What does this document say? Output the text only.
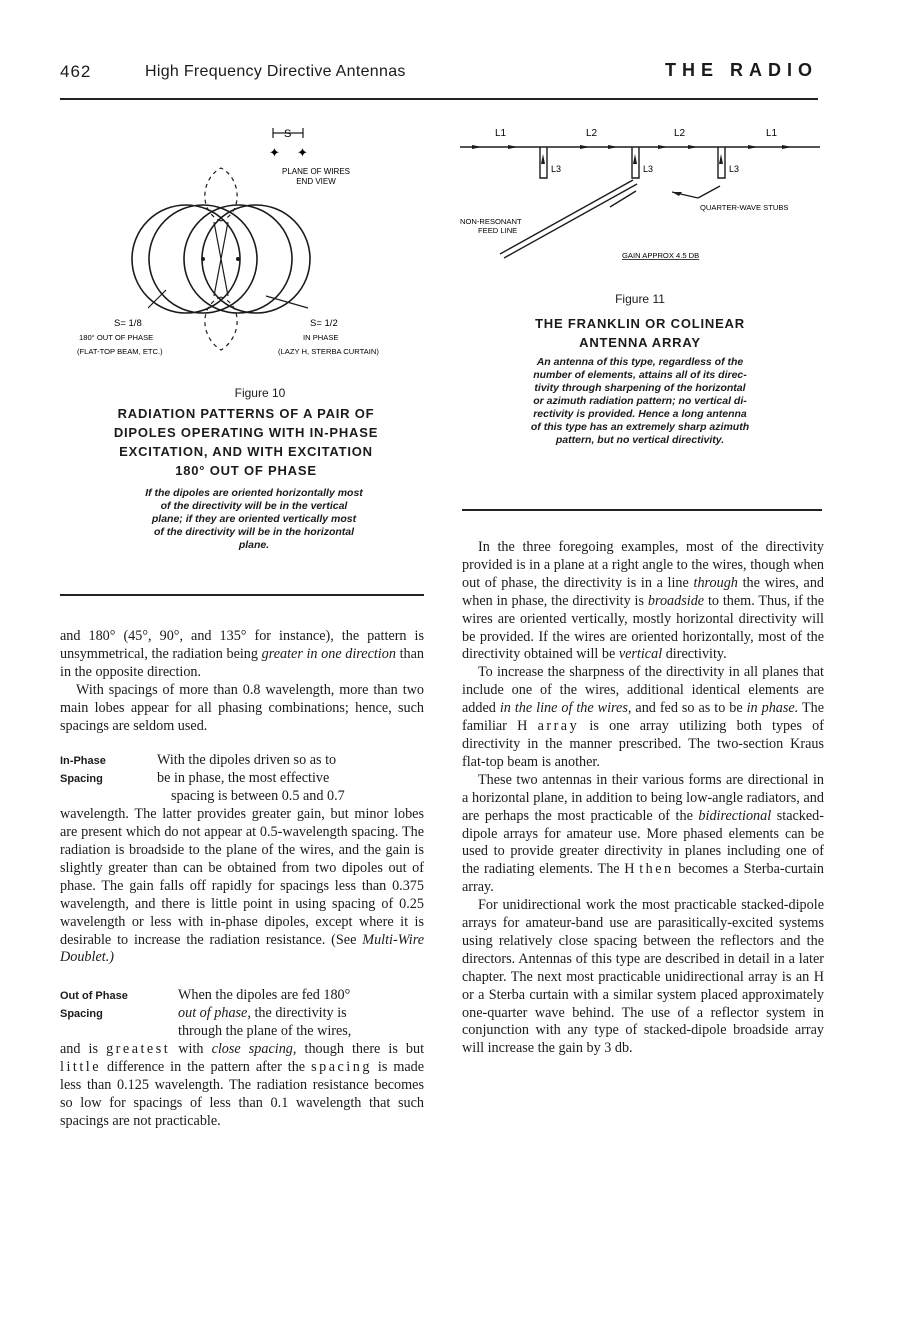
462	High Frequency Directive Antennas	THE RADIO
S
✦ ✦
PLANE OF WIRES
END VIEW
S= 1/8	S= 1/2
180° OUT OF PHASE
(FLAT-TOP BEAM, ETC.)
IN PHASE
(LAZY H, STERBA CURTAIN)
Figure 10
RADIATION PATTERNS OF A PAIR OF
DIPOLES OPERATING WITH IN-PHASE
EXCITATION, AND WITH EXCITATION
180° OUT OF PHASE
If the dipoles are oriented horizontally most
of the directivity will be in the vertical
plane; if they are oriented vertically most
of the directivity will be in the horizontal
plane.
L1	L2	L2	L1
L3	L3	L3
QUARTER-WAVE STUBS
NON-RESONANT
FEED LINE
GAIN APPROX 4.5 DB
Figure 11
THE FRANKLIN OR COLINEAR
ANTENNA ARRAY
An antenna of this type, regardless of the
number of elements, attains all of its direc-
tivity through sharpening of the horizontal
or azimuth radiation pattern; no vertical di-
rectivity is provided. Hence a long antenna
of this type has an extremely sharp azimuth
pattern, but no vertical directivity.

and 180° (45°, 90°, and 135° for instance), the pattern is unsymmetrical, the radiation being greater in one direction than in the opposite direction.

With spacings of more than 0.8 wavelength, more than two main lobes appear for all phasing combinations; hence, such spacings are seldom used.

In-Phase
Spacing
With the dipoles driven so as to
be in phase, the most effective
spacing is between 0.5 and 0.7

wavelength. The latter provides greater gain, but minor lobes are present which do not appear at 0.5-wavelength spacing. The radiation is broadside to the plane of the wires, and the gain is slightly greater than can be obtained from two dipoles out of phase. The gain falls off rapidly for spacings less than 0.375 wavelength, and there is little point in using spacing of 0.25 wavelength or less with in-phase dipoles, except where it is desirable to increase the radiation resistance. (See Multi-Wire Doublet.)

Out of Phase
Spacing
When the dipoles are fed 180°
out of phase, the directivity is
through the plane of the wires,

and is greatest with close spacing, though there is but little difference in the pattern after the spacing is made less than 0.125 wavelength. The radiation resistance becomes so low for spacings of less than 0.1 wavelength that such spacings are not practicable.

In the three foregoing examples, most of the directivity provided is in a plane at a right angle to the wires, though when out of phase, the directivity is in a line through the wires, and when in phase, the directivity is broadside to them. Thus, if the wires are oriented vertically, mostly horizontal directivity will be provided. If the wires are oriented horizontally, most of the directivity obtained will be vertical directivity.

To increase the sharpness of the directivity in all planes that include one of the wires, additional identical elements are added in the line of the wires, and fed so as to be in phase. The familiar H array is one array utilizing both types of directivity in the manner prescribed. The two-section Kraus flat-top beam is another.

These two antennas in their various forms are directional in a horizontal plane, in addition to being low-angle radiators, and are perhaps the most practicable of the bidirectional stacked-dipole arrays for amateur use. More phased elements can be used to provide greater directivity in planes including one of the radiating elements. The H then becomes a Sterba-curtain array.

For unidirectional work the most practicable stacked-dipole arrays for amateur-band use are parasitically-excited systems using relatively close spacing between the reflectors and the directors. Antennas of this type are described in detail in a later chapter. The next most practicable unidirectional array is an H or a Sterba curtain with a similar system placed approximately one-quarter wave behind. The use of a reflector system in conjunction with any type of stacked-dipole broadside array will increase the gain by 3 db.
